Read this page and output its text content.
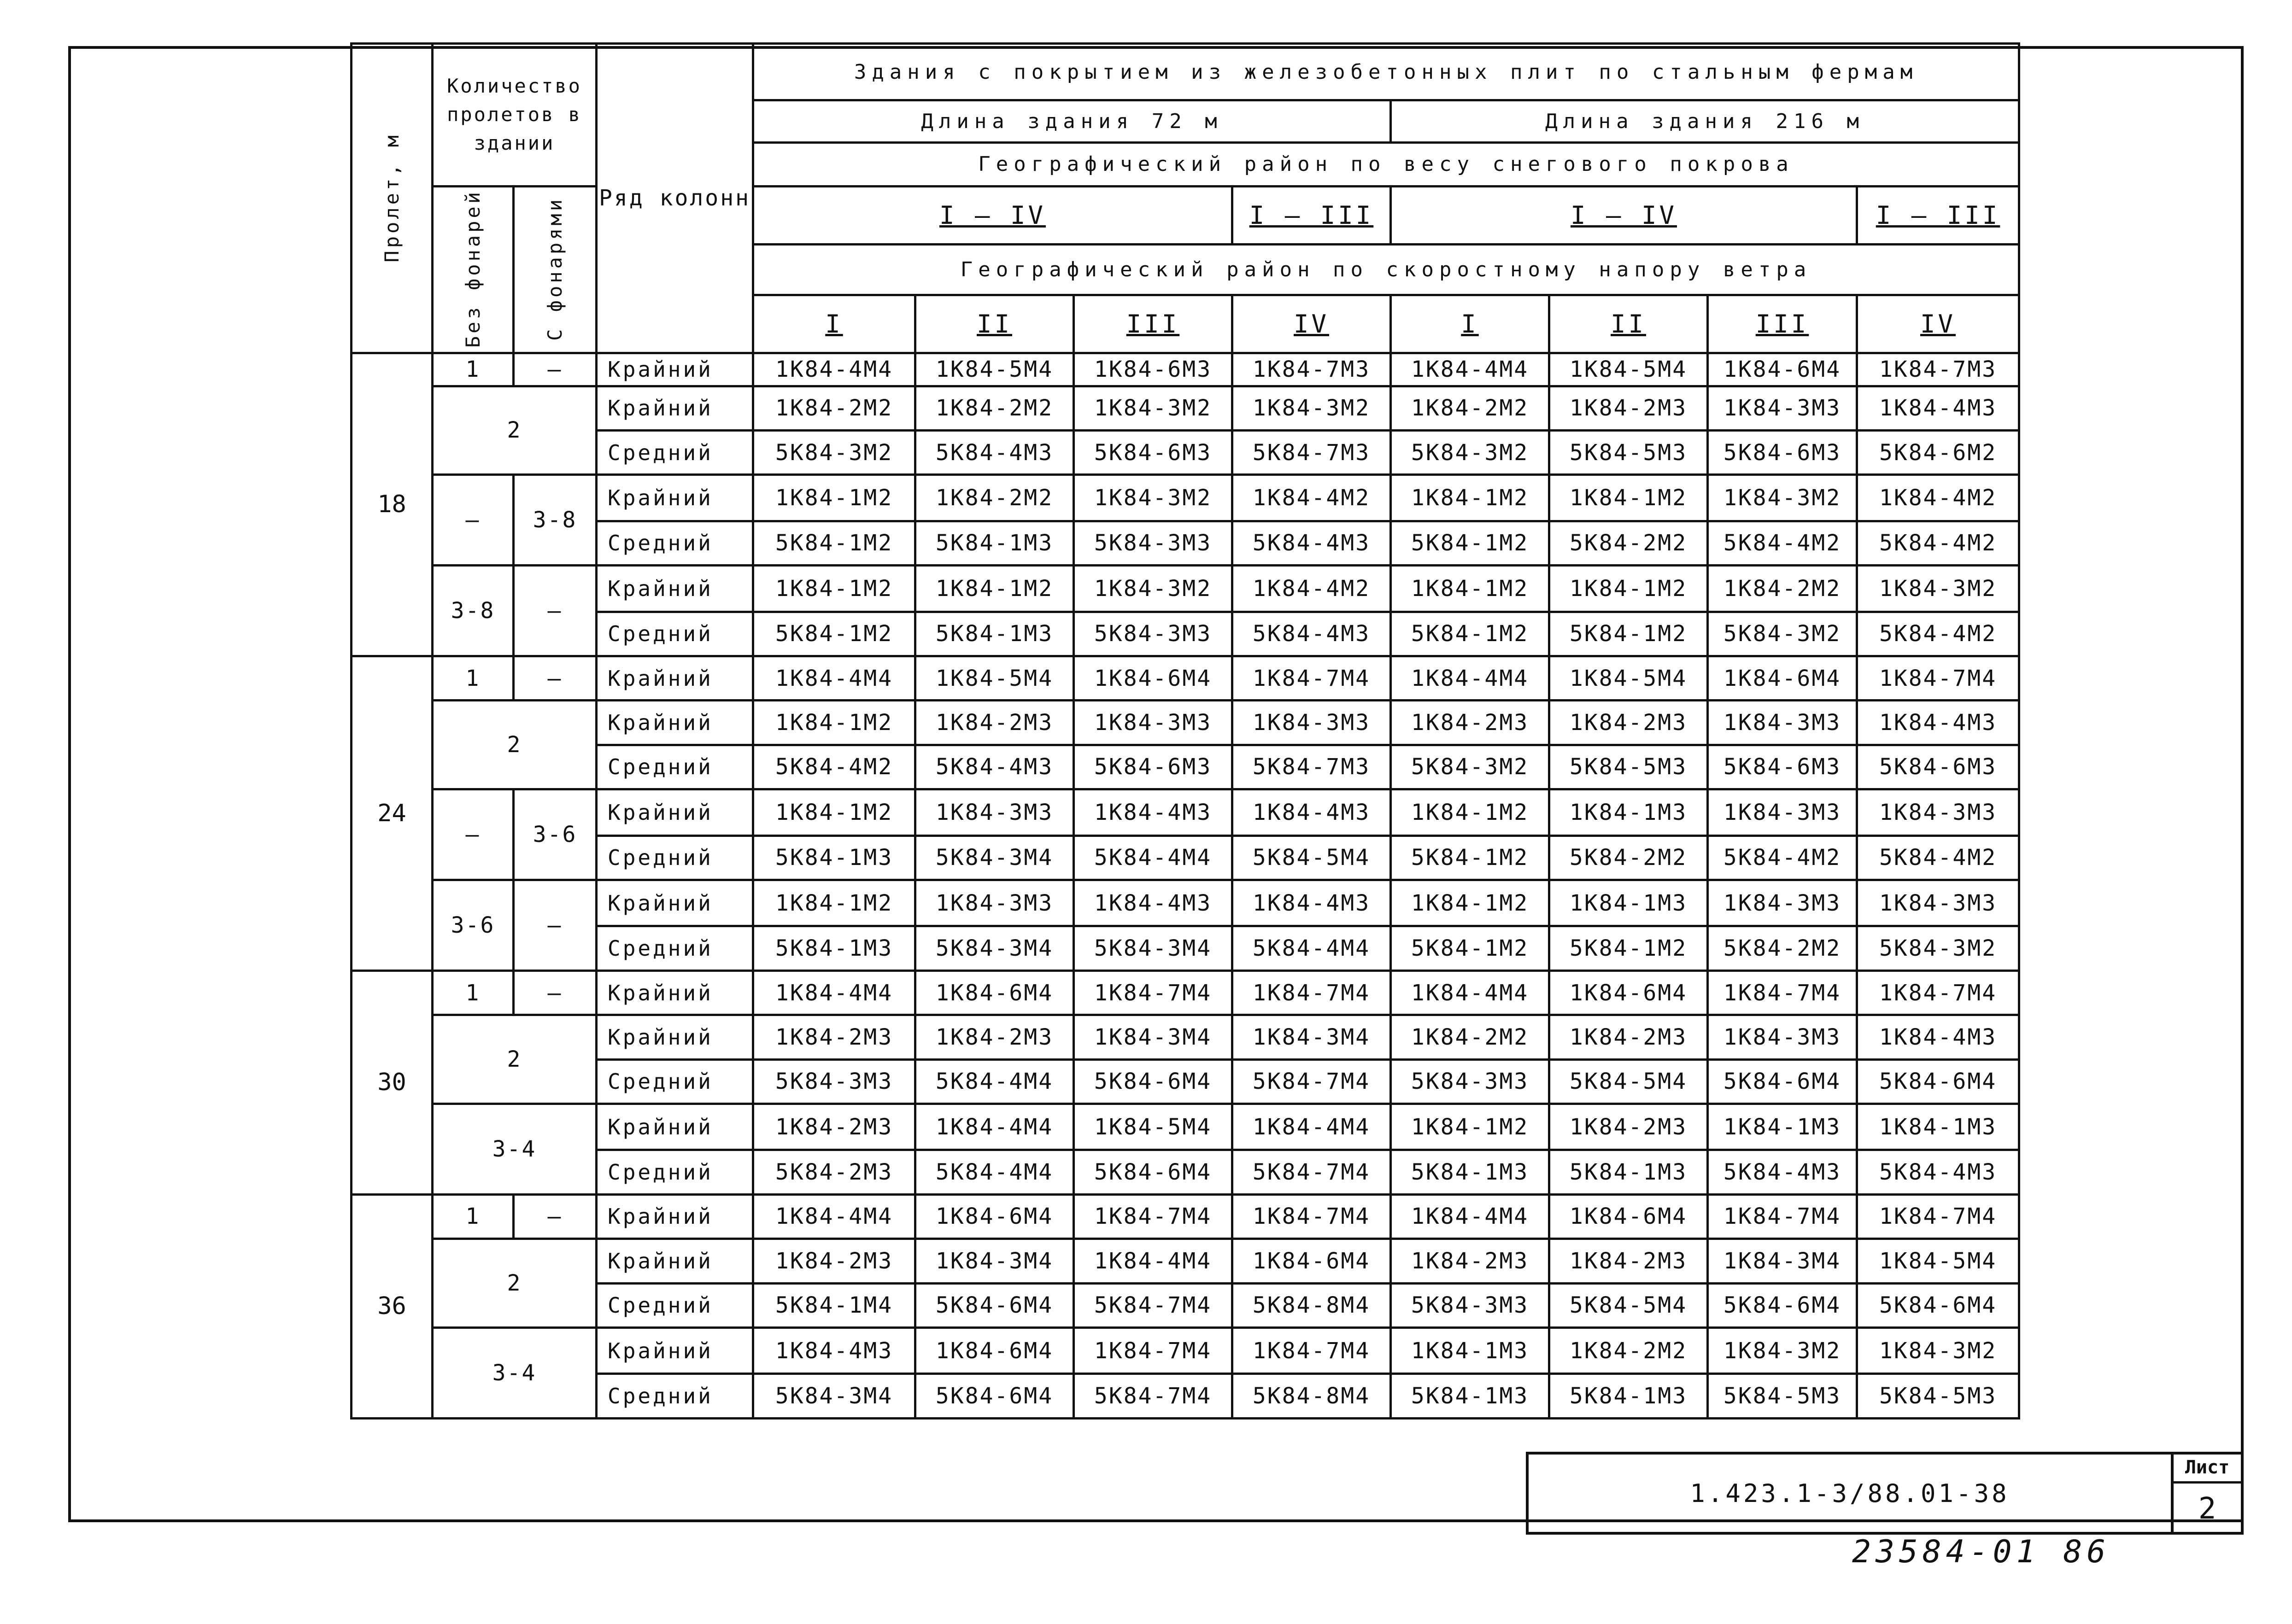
Пролет, м	Количество пролетов в здании		Ряд колонн	Здания с покрытием из железобетонных плит по стальным фермам							
				Длина здания 72 м				Длина здания 216 м			
				Географический район по весу снегового покрова							
	Без фонарей	С фонарями		I — IV			I — III	I — IV			I — III
				Географический район по скоростному напору ветра							
				I	II	III	IV	I	II	III	IV
18	1	—	Крайний	1К84-4М4	1К84-5М4	1К84-6М3	1К84-7М3	1К84-4М4	1К84-5М4	1К84-6М4	1К84-7М3
	2		Крайний	1К84-2М2	1К84-2М2	1К84-3М2	1К84-3М2	1К84-2М2	1К84-2М3	1К84-3М3	1К84-4М3
			Средний	5К84-3М2	5К84-4М3	5К84-6М3	5К84-7М3	5К84-3М2	5К84-5М3	5К84-6М3	5К84-6М2
	—	3-8	Крайний	1К84-1М2	1К84-2М2	1К84-3М2	1К84-4М2	1К84-1М2	1К84-1М2	1К84-3М2	1К84-4М2
			Средний	5К84-1М2	5К84-1М3	5К84-3М3	5К84-4М3	5К84-1М2	5К84-2М2	5К84-4М2	5К84-4М2
	3-8	—	Крайний	1К84-1М2	1К84-1М2	1К84-3М2	1К84-4М2	1К84-1М2	1К84-1М2	1К84-2М2	1К84-3М2
			Средний	5К84-1М2	5К84-1М3	5К84-3М3	5К84-4М3	5К84-1М2	5К84-1М2	5К84-3М2	5К84-4М2
24	1	—	Крайний	1К84-4М4	1К84-5М4	1К84-6М4	1К84-7М4	1К84-4М4	1К84-5М4	1К84-6М4	1К84-7М4
	2		Крайний	1К84-1М2	1К84-2М3	1К84-3М3	1К84-3М3	1К84-2М3	1К84-2М3	1К84-3М3	1К84-4М3
			Средний	5К84-4М2	5К84-4М3	5К84-6М3	5К84-7М3	5К84-3М2	5К84-5М3	5К84-6М3	5К84-6М3
	—	3-6	Крайний	1К84-1М2	1К84-3М3	1К84-4М3	1К84-4М3	1К84-1М2	1К84-1М3	1К84-3М3	1К84-3М3
			Средний	5К84-1М3	5К84-3М4	5К84-4М4	5К84-5М4	5К84-1М2	5К84-2М2	5К84-4М2	5К84-4М2
	3-6	—	Крайний	1К84-1М2	1К84-3М3	1К84-4М3	1К84-4М3	1К84-1М2	1К84-1М3	1К84-3М3	1К84-3М3
			Средний	5К84-1М3	5К84-3М4	5К84-3М4	5К84-4М4	5К84-1М2	5К84-1М2	5К84-2М2	5К84-3М2
30	1	—	Крайний	1К84-4М4	1К84-6М4	1К84-7М4	1К84-7М4	1К84-4М4	1К84-6М4	1К84-7М4	1К84-7М4
	2		Крайний	1К84-2М3	1К84-2М3	1К84-3М4	1К84-3М4	1К84-2М2	1К84-2М3	1К84-3М3	1К84-4М3
			Средний	5К84-3М3	5К84-4М4	5К84-6М4	5К84-7М4	5К84-3М3	5К84-5М4	5К84-6М4	5К84-6М4
	3-4		Крайний	1К84-2М3	1К84-4М4	1К84-5М4	1К84-4М4	1К84-1М2	1К84-2М3	1К84-1М3	1К84-1М3
			Средний	5К84-2М3	5К84-4М4	5К84-6М4	5К84-7М4	5К84-1М3	5К84-1М3	5К84-4М3	5К84-4М3
36	1	—	Крайний	1К84-4М4	1К84-6М4	1К84-7М4	1К84-7М4	1К84-4М4	1К84-6М4	1К84-7М4	1К84-7М4
	2		Крайний	1К84-2М3	1К84-3М4	1К84-4М4	1К84-6М4	1К84-2М3	1К84-2М3	1К84-3М4	1К84-5М4
			Средний	5К84-1М4	5К84-6М4	5К84-7М4	5К84-8М4	5К84-3М3	5К84-5М4	5К84-6М4	5К84-6М4
	3-4		Крайний	1К84-4М3	1К84-6М4	1К84-7М4	1К84-7М4	1К84-1М3	1К84-2М2	1К84-3М2	1К84-3М2
			Средний	5К84-3М4	5К84-6М4	5К84-7М4	5К84-8М4	5К84-1М3	5К84-1М3	5К84-5М3	5К84-5М3
1.423.1-3/88.01-38
Лист
2
23584-01 86
